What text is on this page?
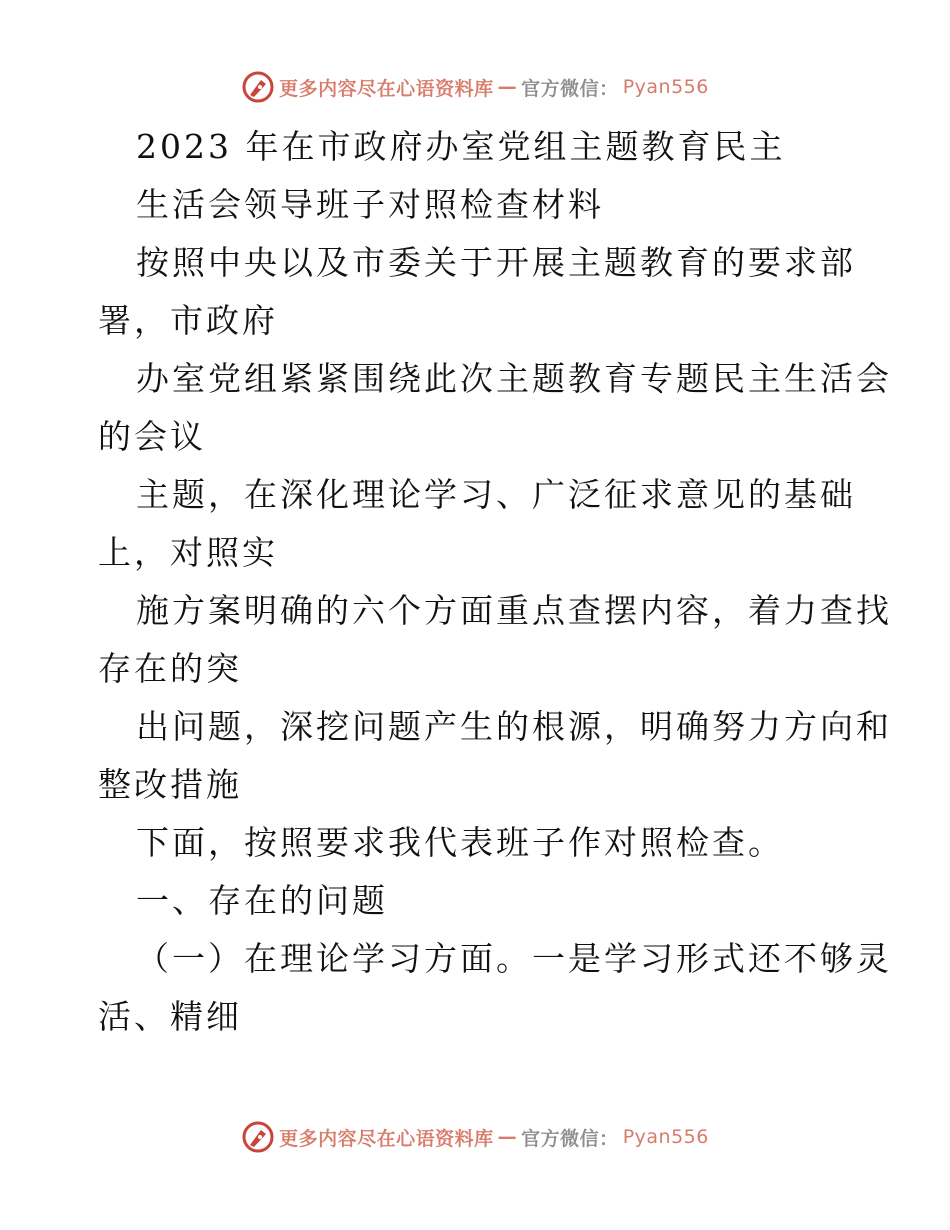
更多内容尽在心语资料库 — 官方微信： Pyan556
2023 年在市政府办室党组主题教育民主
生活会领导班子对照检查材料
按照中央以及市委关于开展主题教育的要求部
署，市政府
办室党组紧紧围绕此次主题教育专题民主生活会
的会议
主题，在深化理论学习、广泛征求意见的基础
上，对照实
施方案明确的六个方面重点查摆内容，着力查找
存在的突
出问题，深挖问题产生的根源，明确努力方向和
整改措施
下面，按照要求我代表班子作对照检查。
一、存在的问题
（一）在理论学习方面。一是学习形式还不够灵
活、精细
更多内容尽在心语资料库 — 官方微信： Pyan556
